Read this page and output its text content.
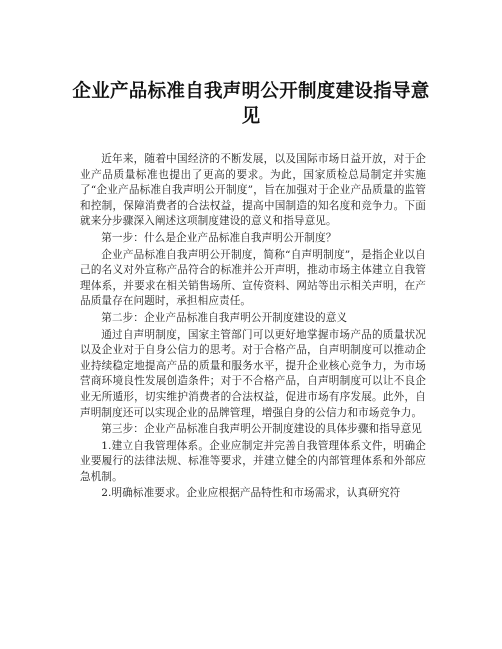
企业产品标准自我声明公开制度建设指导意见

近年来，随着中国经济的不断发展，以及国际市场日益开放，对于企业产品质量标准也提出了更高的要求。为此，国家质检总局制定并实施了“企业产品标准自我声明公开制度”，旨在加强对于企业产品质量的监管和控制，保障消费者的合法权益，提高中国制造的知名度和竞争力。下面就来分步骤深入阐述这项制度建设的意义和指导意见。

第一步：什么是企业产品标准自我声明公开制度？

企业产品标准自我声明公开制度，简称“自声明制度”，是指企业以自己的名义对外宣称产品符合的标准并公开声明，推动市场主体建立自我管理体系，并要求在相关销售场所、宣传资料、网站等出示相关声明，在产品质量存在问题时，承担相应责任。

第二步：企业产品标准自我声明公开制度建设的意义

通过自声明制度，国家主管部门可以更好地掌握市场产品的质量状况以及企业对于自身公信力的思考。对于合格产品，自声明制度可以推动企业持续稳定地提高产品的质量和服务水平，提升企业核心竞争力，为市场营商环境良性发展创造条件；对于不合格产品，自声明制度可以让不良企业无所遁形，切实维护消费者的合法权益，促进市场有序发展。此外，自声明制度还可以实现企业的品牌管理，增强自身的公信力和市场竞争力。

第三步：企业产品标准自我声明公开制度建设的具体步骤和指导意见

1.建立自我管理体系。企业应制定并完善自我管理体系文件，明确企业要履行的法律法规、标准等要求，并建立健全的内部管理体系和外部应急机制。

2.明确标准要求。企业应根据产品特性和市场需求，认真研究符
